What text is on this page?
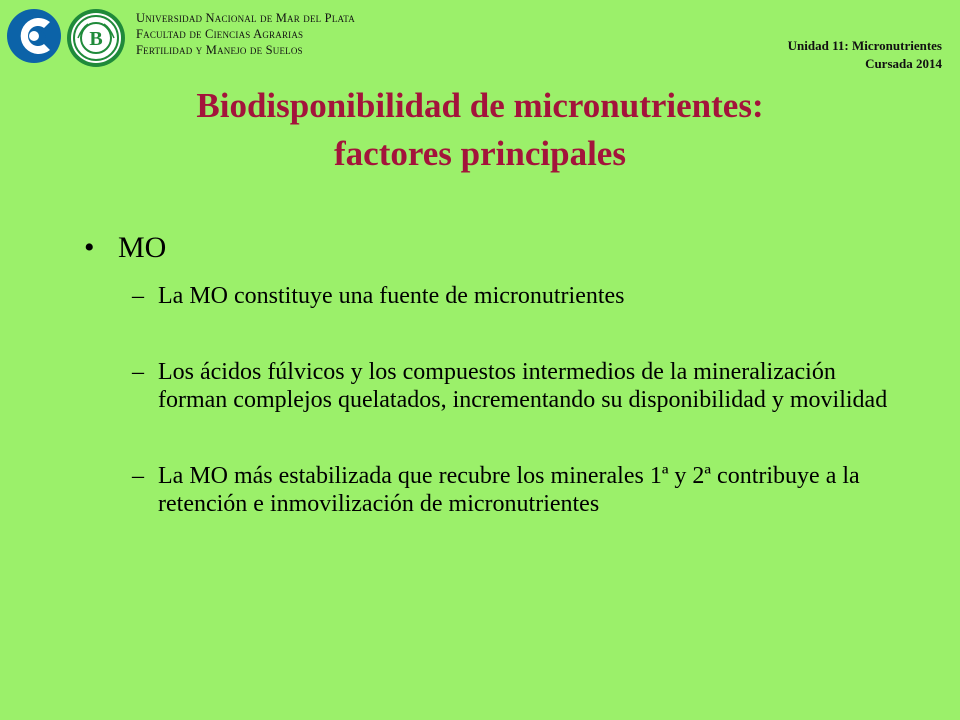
B
Universidad Nacional de Mar del Plata
Facultad de Ciencias Agrarias
Fertilidad y Manejo de Suelos	Unidad 11: Micronutrientes
Cursada 2014
Biodisponibilidad de micronutrientes:
factores principales
• MO
– La MO constituye una fuente de micronutrientes
– Los ácidos fúlvicos y los compuestos intermedios de la mineralización forman complejos quelatados, incrementando su disponibilidad y movilidad
– La MO más estabilizada que recubre los minerales 1ª y 2ª contribuye a la retención e inmovilización de micronutrientes
